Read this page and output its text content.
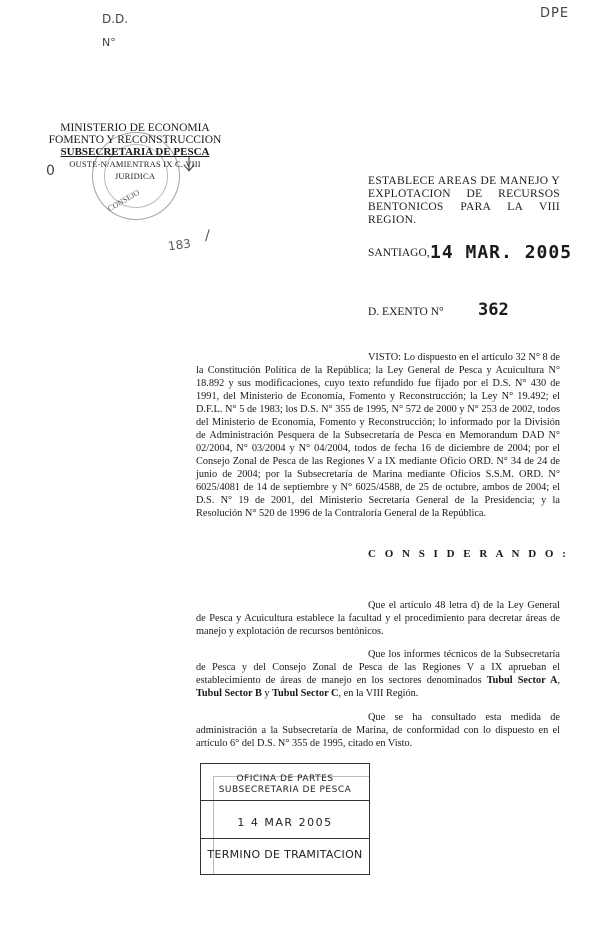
DPE
D.D.
N°
0
183
/
CONSEJO
ᛎ
MINISTERIO DE ECONOMIA
FOMENTO Y RECONSTRUCCION
SUBSECRETARIA DE PESCA
OUSTE-N/AMIENTRAS IX C. VIII
JURIDICA	ESTABLECE AREAS DE MANEJO Y EXPLOTACION DE RECURSOS BENTONICOS PARA LA VIII REGION.
SANTIAGO, 14 MAR. 2005
D. EXENTO N° 362
VISTO: Lo dispuesto en el artículo 32 N° 8 de la Constitución Política de la República; la Ley General de Pesca y Acuicultura N° 18.892 y sus modificaciones, cuyo texto refundido fue fijado por el D.S. N° 430 de 1991, del Ministerio de Economía, Fomento y Reconstrucción; la Ley N° 19.492; el D.F.L. N° 5 de 1983; los D.S. N° 355 de 1995, N° 572 de 2000 y N° 253 de 2002, todos del Ministerio de Economía, Fomento y Reconstrucción; lo informado por la División de Administración Pesquera de la Subsecretaría de Pesca en Memorandum DAD N° 02/2004, N° 03/2004 y N° 04/2004, todos de fecha 16 de diciembre de 2004; por el Consejo Zonal de Pesca de las Regiones V a IX mediante Oficio ORD. N° 34 de 24 de junio de 2004; por la Subsecretaría de Marina mediante Oficios S.S.M. ORD. N° 6025/4081 de 14 de septiembre y N° 6025/4588, de 25 de octubre, ambos de 2004; el D.S. N° 19 de 2001, del Ministerio Secretaría General de la Presidencia; y la Resolución N° 520 de 1996 de la Contraloría General de la República.
C O N S I D E R A N D O :
Que el artículo 48 letra d) de la Ley General de Pesca y Acuicultura establece la facultad y el procedimiento para decretar áreas de manejo y explotación de recursos bentónicos.
Que los informes técnicos de la Subsecretaría de Pesca y del Consejo Zonal de Pesca de las Regiones V a IX aprueban el establecimiento de áreas de manejo en los sectores denominados Tubul Sector A, Tubul Sector B y Tubul Sector C, en la VIII Región.
Que se ha consultado esta medida de administración a la Subsecretaría de Marina, de conformidad con lo dispuesto en el artículo 6° del D.S. N° 355 de 1995, citado en Visto.
OFICINA DE PARTES
SUBSECRETARIA DE PESCA
1 4 MAR 2005
TERMINO DE TRAMITACION
